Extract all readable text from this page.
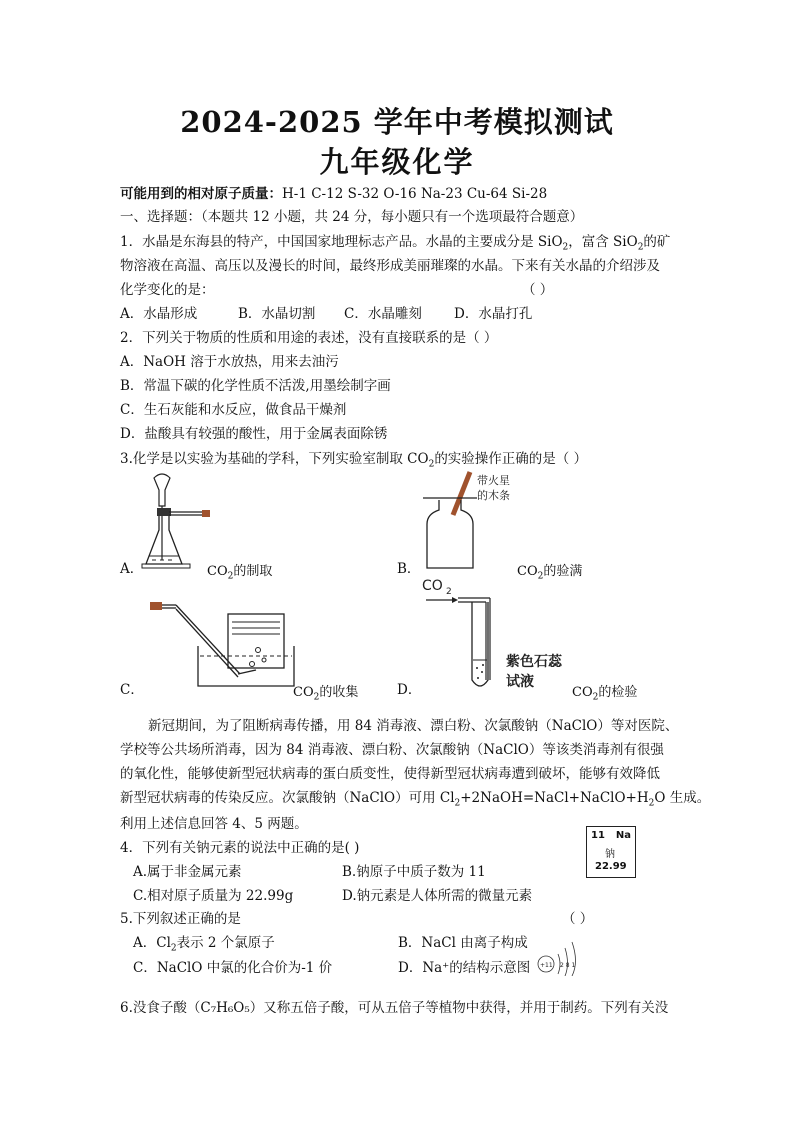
2024-2025 学年中考模拟测试
九年级化学
可能用到的相对原子质量：H-1 C-12 S-32 O-16 Na-23 Cu-64 Si-28
一、选择题：（本题共 12 小题，共 24 分，每小题只有一个选项最符合题意）
1．水晶是东海县的特产，中国国家地理标志产品。水晶的主要成分是 SiO$_2$，富含 SiO$_2$的矿
物溶液在高温、高压以及漫长的时间，最终形成美丽璀璨的水晶。下来有关水晶的介绍涉及
化学变化的是：	（ ）
A．水晶形成	B．水晶切割 C．水晶雕刻 D．水晶打孔
2．下列关于物质的性质和用途的表述，没有直接联系的是（ ）
A．NaOH 溶于水放热，用来去油污
B．常温下碳的化学性质不活泼,用墨绘制字画
C．生石灰能和水反应，做食品干燥剂
D．盐酸具有较强的酸性，用于金属表面除锈
3.化学是以实验为基础的学科，下列实验室制取 $CO_2$的实验操作正确的是（ ）
A．	$CO_2$的制取
带火星
的木条
B．	$CO_2$的验满
C．	$CO_2$的收集
CO 2
紫色石蕊
试液
D．	$CO_2$的检验
新冠期间，为了阻断病毒传播，用 84 消毒液、漂白粉、次氯酸钠（NaClO）等对医院、
学校等公共场所消毒，因为 84 消毒液、漂白粉、次氯酸钠（NaClO）等该类消毒剂有很强
的氧化性，能够使新型冠状病毒的蛋白质变性，使得新型冠状病毒遭到破坏，能够有效降低
新型冠状病毒的传染反应。次氯酸钠（NaClO）可用 $Cl_2+2NaOH=NaCl+NaClO+H_2O$ 生成。
利用上述信息回答 4、5 两题。
11 Na
钠
22.99
4．下列有关钠元素的说法中正确的是( )
A.属于非金属元素	B.钠原子中质子数为 11
C.相对原子质量为 22.99g	D.钠元素是人体所需的微量元素
5.下列叙述正确的是	（ ）
A．$Cl_2$表示 2 个氯原子	B．NaCl 由离子构成
C．NaClO 中氯的化合价为-1 价	D．Na⁺的结构示意图 +11 2 8 1
6.没食子酸（C₇H₆O₅）又称五倍子酸，可从五倍子等植物中获得，并用于制药。下列有关没
